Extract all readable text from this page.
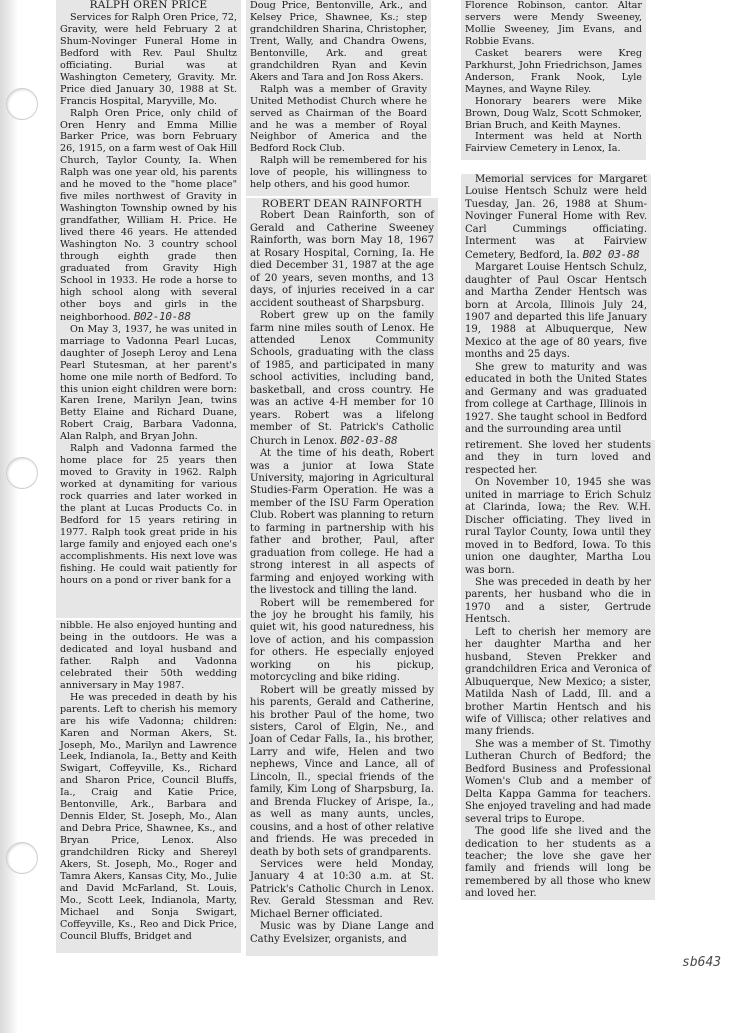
RALPH OREN PRICE

Services for Ralph Oren Price, 72, Gravity, were held February 2 at Shum-Novinger Funeral Home in Bedford with Rev. Paul Shultz officiating. Burial was at Washington Cemetery, Gravity. Mr. Price died January 30, 1988 at St. Francis Hospital, Maryville, Mo.

Ralph Oren Price, only child of Oren Henry and Emma Millie Barker Price, was born February 26, 1915, on a farm west of Oak Hill Church, Taylor County, Ia. When Ralph was one year old, his parents and he moved to the "home place" five miles northwest of Gravity in Washington Township owned by his grandfather, William H. Price. He lived there 46 years. He attended Washington No. 3 country school through eighth grade then graduated from Gravity High School in 1933. He rode a horse to high school along with several other boys and girls in the neighborhood. B02-10-88

On May 3, 1937, he was united in marriage to Vadonna Pearl Lucas, daughter of Joseph Leroy and Lena Pearl Stutesman, at her parent's home one mile north of Bedford. To this union eight children were born: Karen Irene, Marilyn Jean, twins Betty Elaine and Richard Duane, Robert Craig, Barbara Vadonna, Alan Ralph, and Bryan John.

Ralph and Vadonna farmed the home place for 25 years then moved to Gravity in 1962. Ralph worked at dynamiting for various rock quarries and later worked in the plant at Lucas Products Co. in Bedford for 15 years retiring in 1977. Ralph took great pride in his large family and enjoyed each one's accomplishments. His next love was fishing. He could wait patiently for hours on a pond or river bank for a

nibble. He also enjoyed hunting and being in the outdoors. He was a dedicated and loyal husband and father. Ralph and Vadonna celebrated their 50th wedding anniversary in May 1987.

He was preceded in death by his parents. Left to cherish his memory are his wife Vadonna; children: Karen and Norman Akers, St. Joseph, Mo., Marilyn and Lawrence Leek, Indianola, Ia., Betty and Keith Swigart, Coffeyville, Ks., Richard and Sharon Price, Council Bluffs, Ia., Craig and Katie Price, Bentonville, Ark., Barbara and Dennis Elder, St. Joseph, Mo., Alan and Debra Price, Shawnee, Ks., and Bryan Price, Lenox. Also grandchildren Ricky and Shereyl Akers, St. Joseph, Mo., Roger and Tamra Akers, Kansas City, Mo., Julie and David McFarland, St. Louis, Mo., Scott Leek, Indianola, Marty, Michael and Sonja Swigart, Coffeyville, Ks., Reo and Dick Price, Council Bluffs, Bridget and

Doug Price, Bentonville, Ark., and Kelsey Price, Shawnee, Ks.; step grandchildren Sharina, Christopher, Trent, Wally, and Chandra Owens, Bentonville, Ark. and great grandchildren Ryan and Kevin Akers and Tara and Jon Ross Akers.

Ralph was a member of Gravity United Methodist Church where he served as Chairman of the Board and he was a member of Royal Neighbor of America and the Bedford Rock Club.

Ralph will be remembered for his love of people, his willingness to help others, and his good humor.

ROBERT DEAN RAINFORTH

Robert Dean Rainforth, son of Gerald and Catherine Sweeney Rainforth, was born May 18, 1967 at Rosary Hospital, Corning, Ia. He died December 31, 1987 at the age of 20 years, seven months, and 13 days, of injuries received in a car accident southeast of Sharpsburg.

Robert grew up on the family farm nine miles south of Lenox. He attended Lenox Community Schools, graduating with the class of 1985, and participated in many school activities, including band, basketball, and cross country. He was an active 4-H member for 10 years. Robert was a lifelong member of St. Patrick's Catholic Church in Lenox. B02-03-88

At the time of his death, Robert was a junior at Iowa State University, majoring in Agricultural Studies-Farm Operation. He was a member of the ISU Farm Operation Club. Robert was planning to return to farming in partnership with his father and brother, Paul, after graduation from college. He had a strong interest in all aspects of farming and enjoyed working with the livestock and tilling the land.

Robert will be remembered for the joy he brought his family, his quiet wit, his good naturedness, his love of action, and his compassion for others. He especially enjoyed working on his pickup, motorcycling and bike riding.

Robert will be greatly missed by his parents, Gerald and Catherine, his brother Paul of the home, two sisters, Carol of Elgin, Ne., and Joan of Cedar Falls, Ia., his brother, Larry and wife, Helen and two nephews, Vince and Lance, all of Lincoln, Il., special friends of the family, Kim Long of Sharpsburg, Ia. and Brenda Fluckey of Arispe, Ia., as well as many aunts, uncles, cousins, and a host of other relative and friends. He was preceded in death by both sets of grandparents.

Services were held Monday, January 4 at 10:30 a.m. at St. Patrick's Catholic Church in Lenox. Rev. Gerald Stessman and Rev. Michael Berner officiated.

Music was by Diane Lange and Cathy Evelsizer, organists, and

Florence Robinson, cantor. Altar servers were Mendy Sweeney, Mollie Sweeney, Jim Evans, and Robbie Evans.

Casket bearers were Kreg Parkhurst, John Friedrichson, James Anderson, Frank Nook, Lyle Maynes, and Wayne Riley.

Honorary bearers were Mike Brown, Doug Walz, Scott Schmoker, Brian Bruch, and Keith Maynes.

Interment was held at North Fairview Cemetery in Lenox, Ia.

Memorial services for Margaret Louise Hentsch Schulz were held Tuesday, Jan. 26, 1988 at Shum-Novinger Funeral Home with Rev. Carl Cummings officiating. Interment was at Fairview Cemetery, Bedford, Ia. B02 03-88

Margaret Louise Hentsch Schulz, daughter of Paul Oscar Hentsch and Martha Zender Hentsch was born at Arcola, Illinois July 24, 1907 and departed this life January 19, 1988 at Albuquerque, New Mexico at the age of 80 years, five months and 25 days.

She grew to maturity and was educated in both the United States and Germany and was graduated from college at Carthage, Illinois in 1927. She taught school in Bedford and the surrounding area until

retirement. She loved her students and they in turn loved and respected her.

On November 10, 1945 she was united in marriage to Erich Schulz at Clarinda, Iowa; the Rev. W.H. Discher officiating. They lived in rural Taylor County, Iowa until they moved in to Bedford, Iowa. To this union one daughter, Martha Lou was born.

She was preceded in death by her parents, her husband who die in 1970 and a sister, Gertrude Hentsch.

Left to cherish her memory are her daughter Martha and her husband, Steven Prekker and grandchildren Erica and Veronica of Albuquerque, New Mexico; a sister, Matilda Nash of Ladd, Ill. and a brother Martin Hentsch and his wife of Villisca; other relatives and many friends.

She was a member of St. Timothy Lutheran Church of Bedford; the Bedford Business and Professional Women's Club and a member of Delta Kappa Gamma for teachers. She enjoyed traveling and had made several trips to Europe.

The good life she lived and the dedication to her students as a teacher; the love she gave her family and friends will long be remembered by all those who knew and loved her.

sb643
